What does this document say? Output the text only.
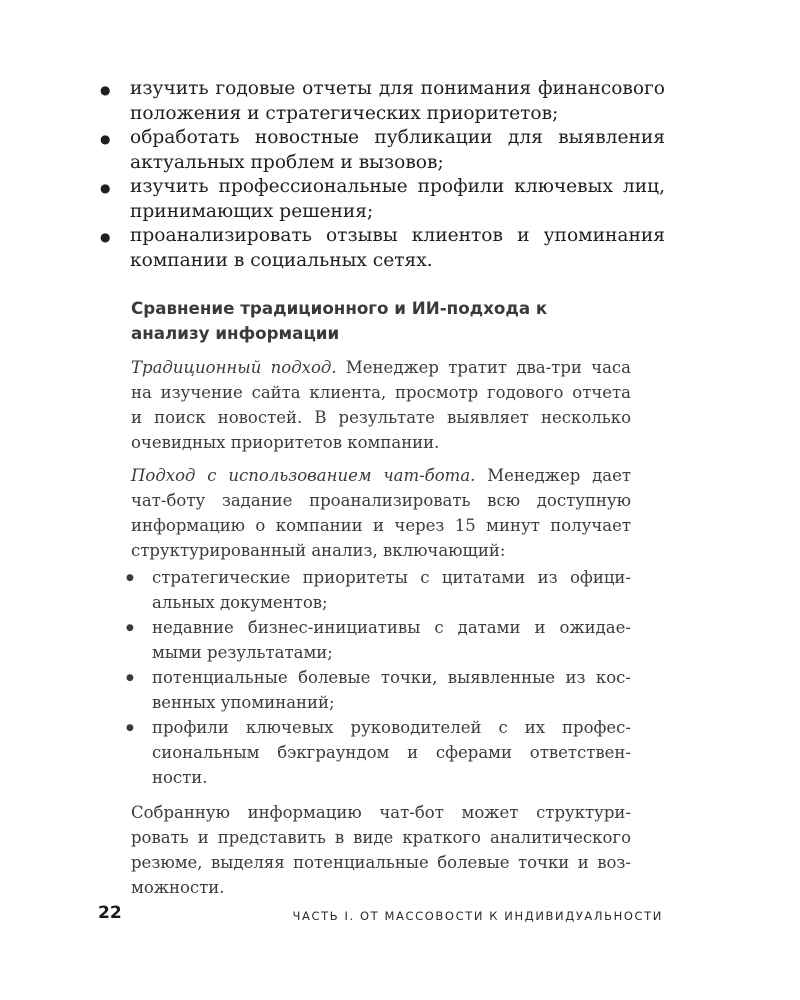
● изучить годовые отчеты для понимания финансового
положения и стратегических приоритетов;
● обработать новостные публикации для выявления
актуальных проблем и вызовов;
● изучить профессиональные профили ключевых лиц,
принимающих решения;
● проанализировать отзывы клиентов и упоминания
компании в социальных сетях.
Сравнение традиционного и ИИ-подхода к анализу информации

Традиционный подход. Менеджер тратит два-три часа
на изучение сайта клиента, просмотр годового отчета
и поиск новостей. В результате выявляет несколько
очевидных приоритетов компании.

Подход с использованием чат-бота. Менеджер дает
чат-боту задание проанализировать всю доступную
информацию о компании и через 15 минут получает
структурированный анализ, включающий:

● стратегические приоритеты с цитатами из офици-
альных документов;
● недавние бизнес-инициативы с датами и ожидае-
мыми результатами;
● потенциальные болевые точки, выявленные из кос-
венных упоминаний;
● профили ключевых руководителей с их профес-
сиональным бэкграундом и сферами ответствен-
ности.

Собранную информацию чат-бот может структури-
ровать и представить в виде краткого аналитического
резюме, выделяя потенциальные болевые точки и воз-
можности.

22	ЧАСТЬ I. ОТ МАССОВОСТИ К ИНДИВИДУАЛЬНОСТИ
